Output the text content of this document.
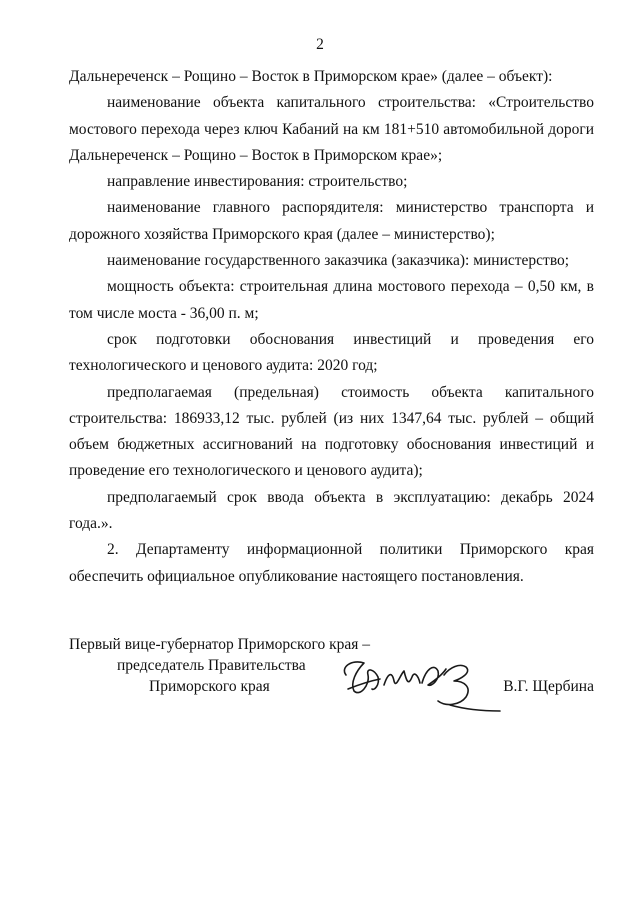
2

Дальнереченск – Рощино – Восток в Приморском крае» (далее – объект):

наименование объекта капитального строительства: «Строительство мостового перехода через ключ Кабаний на км 181+510 автомобильной дороги Дальнереченск – Рощино – Восток в Приморском крае»;

направление инвестирования: строительство;

наименование главного распорядителя: министерство транспорта и дорожного хозяйства Приморского края (далее – министерство);

наименование государственного заказчика (заказчика): министерство;

мощность объекта: строительная длина мостового перехода – 0,50 км, в том числе моста - 36,00 п. м;

срок подготовки обоснования инвестиций и проведения его технологического и ценового аудита: 2020 год;

предполагаемая (предельная) стоимость объекта капитального строительства: 186933,12 тыс. рублей (из них 1347,64 тыс. рублей – общий объем бюджетных ассигнований на подготовку обоснования инвестиций и проведение его технологического и ценового аудита);

предполагаемый срок ввода объекта в эксплуатацию: декабрь 2024 года.».

2. Департаменту информационной политики Приморского края обеспечить официальное опубликование настоящего постановления.

Первый вице-губернатор Приморского края –
председатель Правительства
Приморского края	В.Г. Щербина
